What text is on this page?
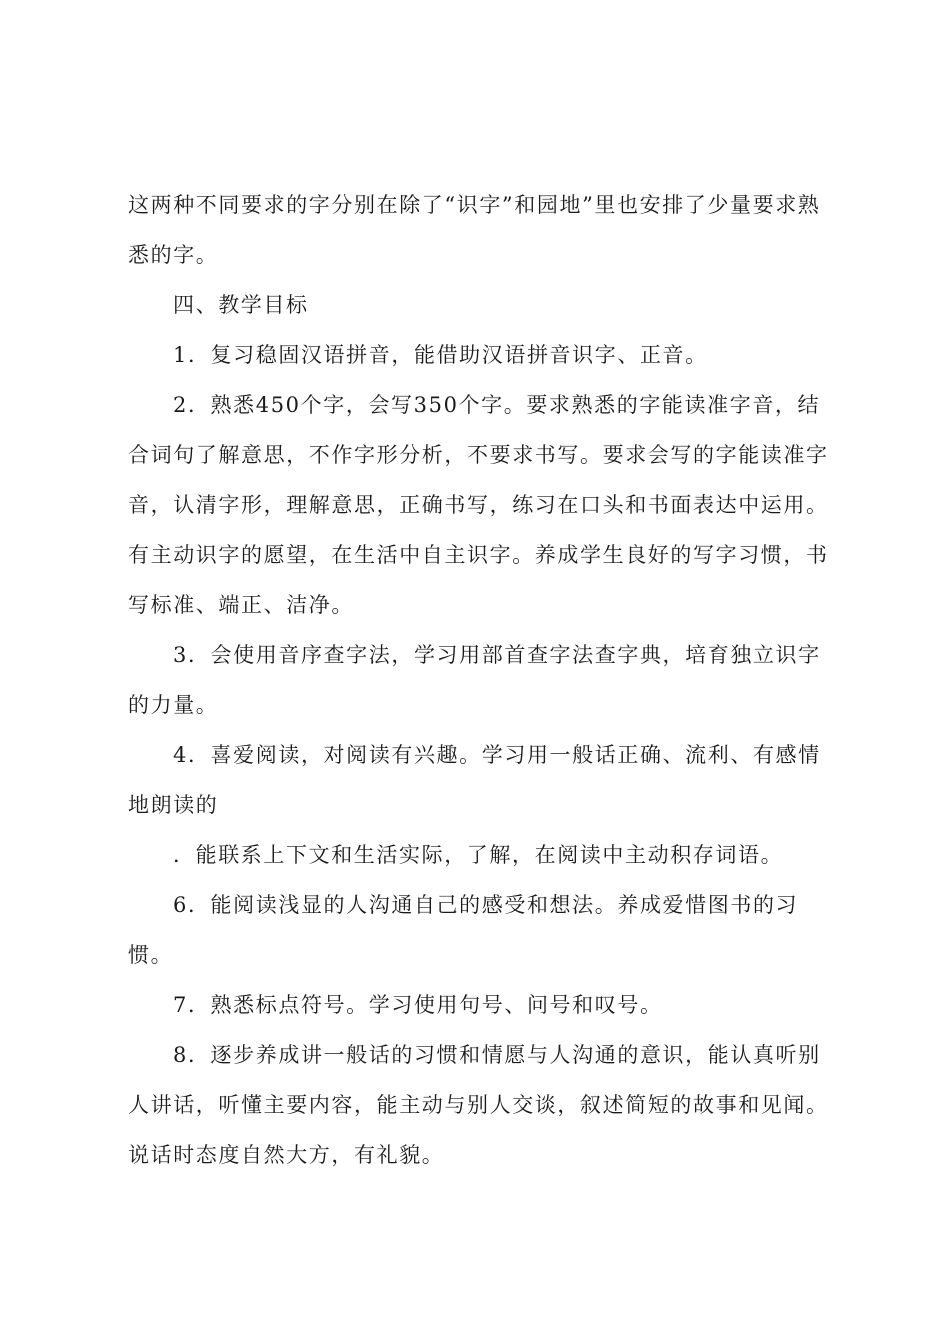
这两种不同要求的字分别在除了“识字”和园地”里也安排了少量要求熟悉的字。

四、教学目标

1．复习稳固汉语拼音，能借助汉语拼音识字、正音。

2．熟悉450个字，会写350个字。要求熟悉的字能读准字音，结合词句了解意思，不作字形分析，不要求书写。要求会写的字能读准字音，认清字形，理解意思，正确书写，练习在口头和书面表达中运用。有主动识字的愿望，在生活中自主识字。养成学生良好的写字习惯，书写标准、端正、洁净。

3．会使用音序查字法，学习用部首查字法查字典，培育独立识字的力量。

4．喜爱阅读，对阅读有兴趣。学习用一般话正确、流利、有感情地朗读的

．能联系上下文和生活实际，了解，在阅读中主动积存词语。

6．能阅读浅显的人沟通自己的感受和想法。养成爱惜图书的习惯。

7．熟悉标点符号。学习使用句号、问号和叹号。

8．逐步养成讲一般话的习惯和情愿与人沟通的意识，能认真听别人讲话，听懂主要内容，能主动与别人交谈，叙述简短的故事和见闻。说话时态度自然大方，有礼貌。
